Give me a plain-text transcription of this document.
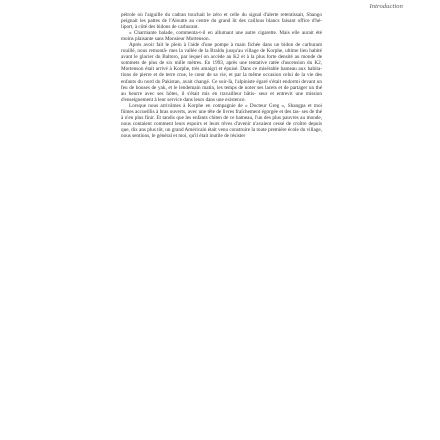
Introduction

pétrole où l'aiguille du cadran touchait le zéro et celle du signal d'alerte retentissait, Shango peignait les pattes de l'Aloutte au centre du grand lit des caillous blancs faisant office d'hé- liport, à côté des bidons de carburant.

« Charmante balade, commenta-t-il en allumant une autre cigarette. Mais elle aurait été moins plaisante sans Monsieur Mortenson.

Après avoir fait le plein à l'aide d'une pompe à main fichée dans un bidon de carburant rouillé, nous remontâ- mes la vallée de la Braldu jusqu'au village de Korphe, ultime lieu habité avant le glacier du Baltoro, par lequel on accède au K2 et à la plus forte densité au monde de sommets de plus de six mille mètres. En 1993, après une tentative ratée d'ascension du K2, Mortenson était arrivé à Korphe, très amaigri et épuisé. Dans ce misérable hameau aux habita- tions de pierre et de terre crue, le cœur de sa vie, et par la même occasion celui de la vie des enfants du nord du Pakistan, avait changé. Ce soir-là, l'alpiniste égaré s'était endormi devant un feu de bouses de yak, et le lendemain matin, les temps de noter ses lacets et de partager un thé au beurre avec ses hôtes, il s'était mis en travailleur bâtis- seur et entrevit une mission d'enseignement à leur service dans leurs dans une existence.

Lorsque nous arrivâmes à Korphe en compagnie de « Docteur Greg », Shangpa et moi fûmes accueillis à bras ouverts, avec une tête de livres fraîchement égorgée et des tas- ses de thé à n'en plus finir. Et tandis que les enfants chiten de ce hameau, l'un des plus pauvres au monde, nous contaient comment leurs espoirs et leurs rêves d'avenir n'avaient cessé de croître depuis que, dix ans plus tôt, un grand Américain était venu construire la toute première école du village, nous sentions, le général et moi, qu'il était inutile de résister
